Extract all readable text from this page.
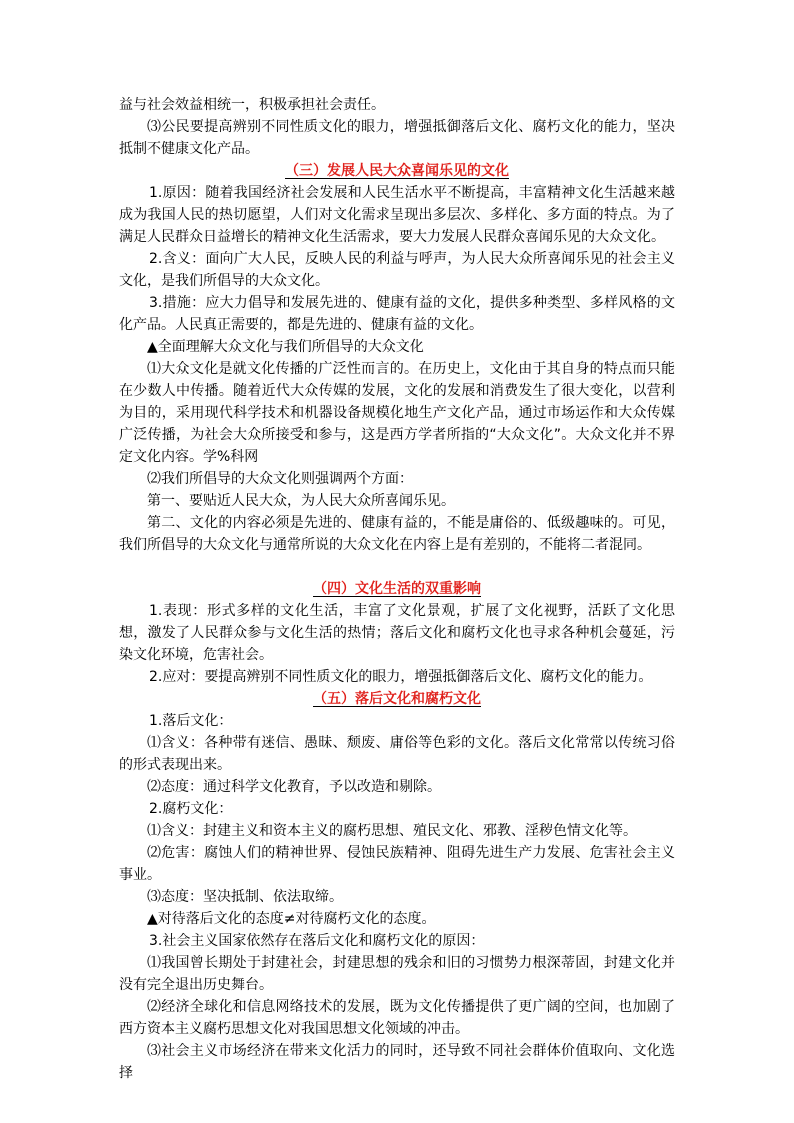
益与社会效益相统一，积极承担社会责任。

⑶公民要提高辨别不同性质文化的眼力，增强抵御落后文化、腐朽文化的能力，坚决抵制不健康文化产品。

（三）发展人民大众喜闻乐见的文化

1.原因：随着我国经济社会发展和人民生活水平不断提高，丰富精神文化生活越来越成为我国人民的热切愿望，人们对文化需求呈现出多层次、多样化、多方面的特点。为了满足人民群众日益增长的精神文化生活需求，要大力发展人民群众喜闻乐见的大众文化。

2.含义：面向广大人民，反映人民的利益与呼声，为人民大众所喜闻乐见的社会主义文化，是我们所倡导的大众文化。

3.措施：应大力倡导和发展先进的、健康有益的文化，提供多种类型、多样风格的文化产品。人民真正需要的，都是先进的、健康有益的文化。

▲全面理解大众文化与我们所倡导的大众文化

⑴大众文化是就文化传播的广泛性而言的。在历史上，文化由于其自身的特点而只能在少数人中传播。随着近代大众传媒的发展，文化的发展和消费发生了很大变化，以营利为目的，采用现代科学技术和机器设备规模化地生产文化产品，通过市场运作和大众传媒广泛传播，为社会大众所接受和参与，这是西方学者所指的“大众文化”。大众文化并不界定文化内容。学%科网

⑵我们所倡导的大众文化则强调两个方面：

第一、要贴近人民大众，为人民大众所喜闻乐见。

第二、文化的内容必须是先进的、健康有益的，不能是庸俗的、低级趣味的。可见，我们所倡导的大众文化与通常所说的大众文化在内容上是有差别的，不能将二者混同。

（四）文化生活的双重影响

1.表现：形式多样的文化生活，丰富了文化景观，扩展了文化视野，活跃了文化思想，激发了人民群众参与文化生活的热情；落后文化和腐朽文化也寻求各种机会蔓延，污染文化环境，危害社会。

2.应对：要提高辨别不同性质文化的眼力，增强抵御落后文化、腐朽文化的能力。

（五）落后文化和腐朽文化

1.落后文化：

⑴含义：各种带有迷信、愚昧、颓废、庸俗等色彩的文化。落后文化常常以传统习俗的形式表现出来。

⑵态度：通过科学文化教育，予以改造和剔除。

2.腐朽文化：

⑴含义：封建主义和资本主义的腐朽思想、殖民文化、邪教、淫秽色情文化等。

⑵危害：腐蚀人们的精神世界、侵蚀民族精神、阻碍先进生产力发展、危害社会主义事业。

⑶态度：坚决抵制、依法取缔。

▲对待落后文化的态度≠对待腐朽文化的态度。

3.社会主义国家依然存在落后文化和腐朽文化的原因：

⑴我国曾长期处于封建社会，封建思想的残余和旧的习惯势力根深蒂固，封建文化并没有完全退出历史舞台。

⑵经济全球化和信息网络技术的发展，既为文化传播提供了更广阔的空间，也加剧了西方资本主义腐朽思想文化对我国思想文化领域的冲击。

⑶社会主义市场经济在带来文化活力的同时，还导致不同社会群体价值取向、文化选择
